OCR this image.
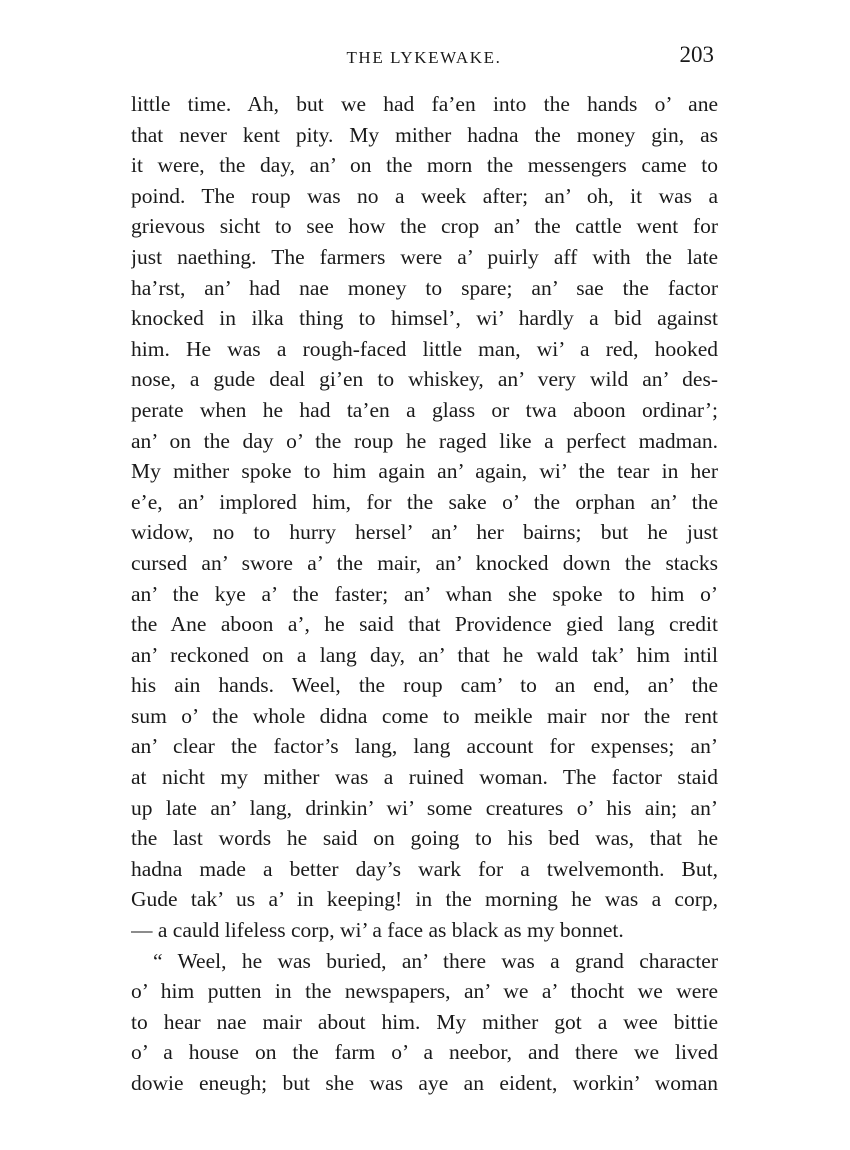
THE LYKEWAKE.	203
little time. Ah, but we had fa’en into the hands o’ ane
that never kent pity. My mither hadna the money gin, as
it were, the day, an’ on the morn the messengers came to
poind. The roup was no a week after; an’ oh, it was a
grievous sicht to see how the crop an’ the cattle went for
just naething. The farmers were a’ puirly aff with the late
ha’rst, an’ had nae money to spare; an’ sae the factor
knocked in ilka thing to himsel’, wi’ hardly a bid against
him. He was a rough-faced little man, wi’ a red, hooked
nose, a gude deal gi’en to whiskey, an’ very wild an’ des-
perate when he had ta’en a glass or twa aboon ordinar’;
an’ on the day o’ the roup he raged like a perfect madman.
My mither spoke to him again an’ again, wi’ the tear in her
e’e, an’ implored him, for the sake o’ the orphan an’ the
widow, no to hurry hersel’ an’ her bairns; but he just
cursed an’ swore a’ the mair, an’ knocked down the stacks
an’ the kye a’ the faster; an’ whan she spoke to him o’
the Ane aboon a’, he said that Providence gied lang credit
an’ reckoned on a lang day, an’ that he wald tak’ him intil
his ain hands. Weel, the roup cam’ to an end, an’ the
sum o’ the whole didna come to meikle mair nor the rent
an’ clear the factor’s lang, lang account for expenses; an’
at nicht my mither was a ruined woman. The factor staid
up late an’ lang, drinkin’ wi’ some creatures o’ his ain; an’
the last words he said on going to his bed was, that he
hadna made a better day’s wark for a twelvemonth. But,
Gude tak’ us a’ in keeping! in the morning he was a corp,
— a cauld lifeless corp, wi’ a face as black as my bonnet.
“ Weel, he was buried, an’ there was a grand character
o’ him putten in the newspapers, an’ we a’ thocht we were
to hear nae mair about him. My mither got a wee bittie
o’ a house on the farm o’ a neebor, and there we lived
dowie eneugh; but she was aye an eident, workin’ woman
